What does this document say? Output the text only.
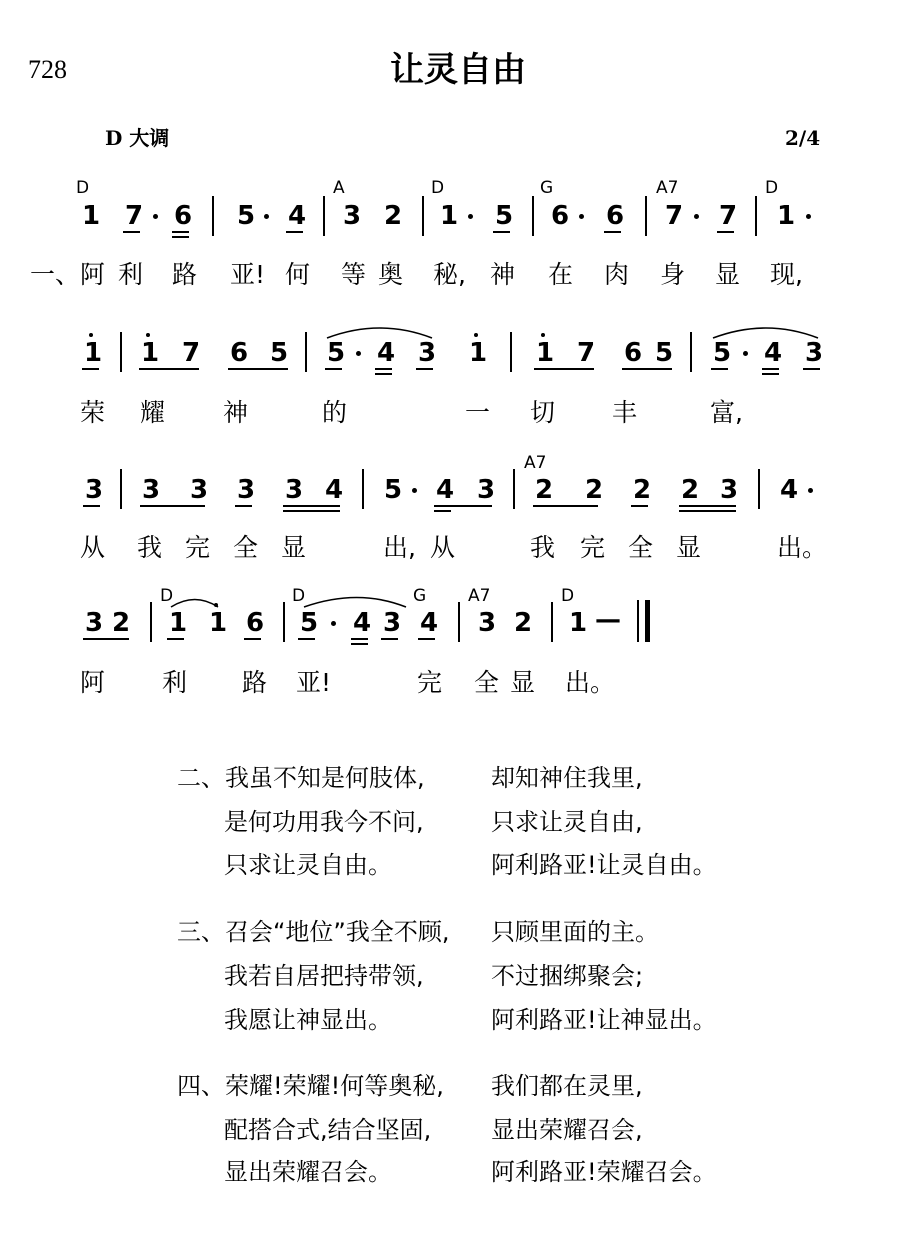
728	让灵自由
D 大调	2/4
D	A	D	G	A7	D
1 7 6 5 4 3 2 1 5 6 6 7 7 1
一、阿 利 路 亚! 何 等 奥 秘, 神 在 肉 身 显 现,
1 1 7 6 5 5 4 3 1 1 7 6 5 5 4 3
荣 耀 神	的	一 切 丰	富,
A7
3 3 3 3 3 4 5 4 3 2 2 2 2 3 4
从 我 完 全 显	出, 从	我 完 全 显	出。
D	D	G A7	D
3 2 1 1 6 5 4 3 4 3 2 1 —
阿 利 路 亚!	完 全 显 出。
二、我虽不知是何肢体,	却知神住我里,
是何功用我今不问,	只求让灵自由,
只求让灵自由。	阿利路亚!让灵自由。
三、召会“地位”我全不顾, 只顾里面的主。
我若自居把持带领,	不过捆绑聚会;
我愿让神显出。	阿利路亚!让神显出。
四、荣耀!荣耀!何等奥秘, 我们都在灵里,
配搭合式,结合坚固, 显出荣耀召会,
显出荣耀召会。	阿利路亚!荣耀召会。
